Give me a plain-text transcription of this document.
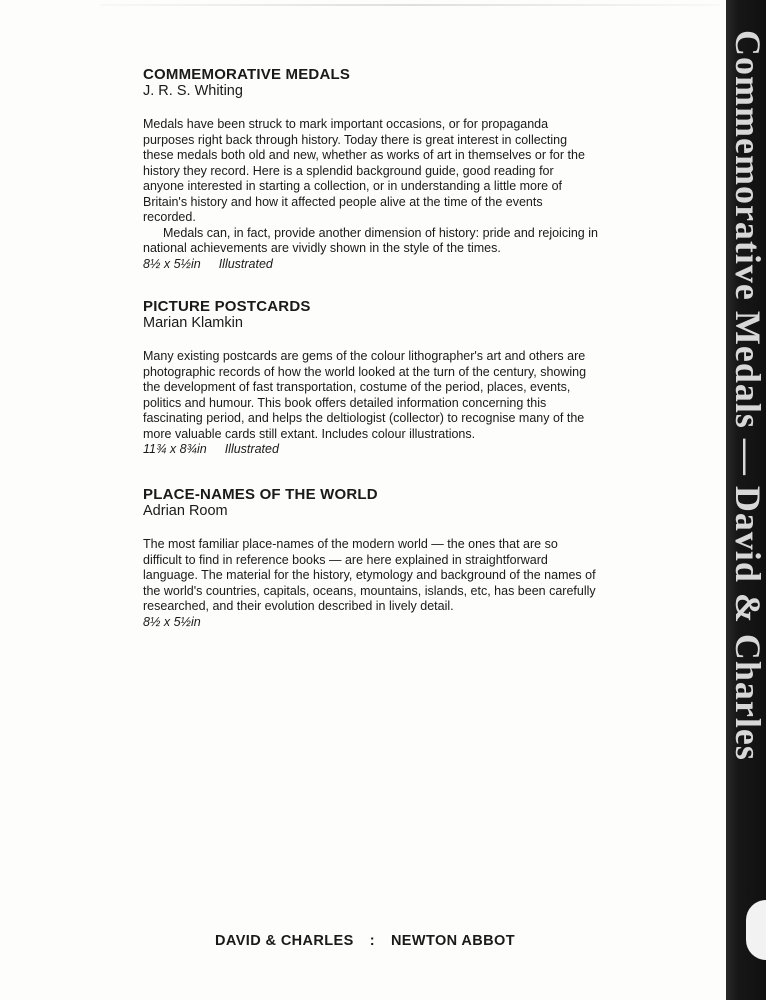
COMMEMORATIVE MEDALS
J. R. S. Whiting

Medals have been struck to mark important occasions, or for propaganda purposes right back through history. Today there is great interest in collecting these medals both old and new, whether as works of art in themselves or for the history they record. Here is a splendid background guide, good reading for anyone interested in starting a collection, or in understanding a little more of Britain's history and how it affected people alive at the time of the events recorded.

Medals can, in fact, provide another dimension of history: pride and rejoicing in national achievements are vividly shown in the style of the times.

8½ x 5½in Illustrated
PICTURE POSTCARDS
Marian Klamkin

Many existing postcards are gems of the colour lithographer's art and others are photographic records of how the world looked at the turn of the century, showing the development of fast transportation, costume of the period, places, events, politics and humour. This book offers detailed information concerning this fascinating period, and helps the deltiologist (collector) to recognise many of the more valuable cards still extant. Includes colour illustrations.

11¾ x 8¾in Illustrated
PLACE-NAMES OF THE WORLD
Adrian Room

The most familiar place-names of the modern world — the ones that are so difficult to find in reference books — are here explained in straightforward language. The material for the history, etymology and background of the names of the world's countries, capitals, oceans, mountains, islands, etc, has been carefully researched, and their evolution described in lively detail.

8½ x 5½in
DAVID & CHARLES : NEWTON ABBOT
Commemorative Medals — David & Charles
